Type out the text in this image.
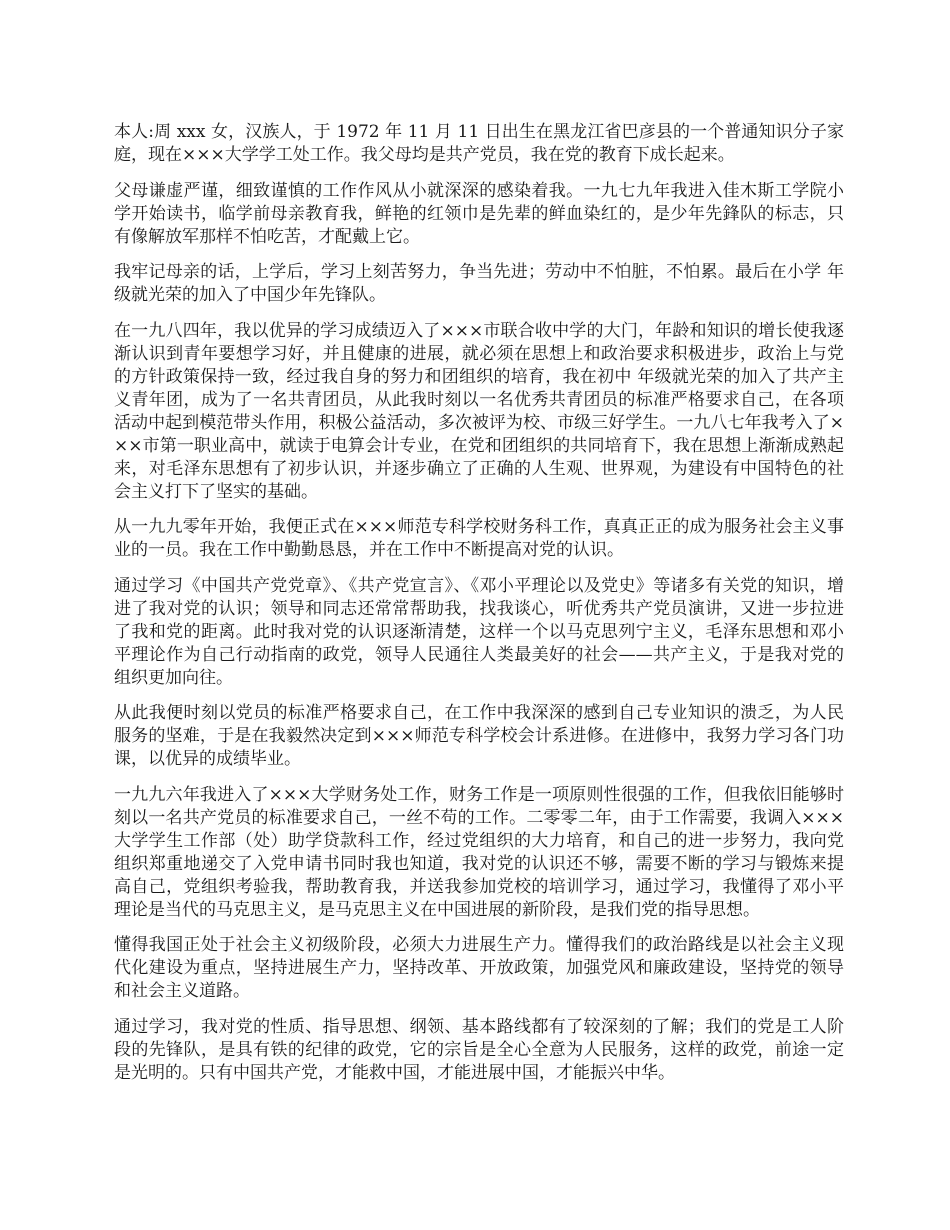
本人:周 xxx 女，汉族人，于 1972 年 11 月 11 日出生在黑龙江省巴彦县的一个普通知识分子家庭，现在×××大学学工处工作。我父母均是共产党员，我在党的教育下成长起来。

父母谦虚严谨，细致谨慎的工作作风从小就深深的感染着我。一九七九年我进入佳木斯工学院小学开始读书，临学前母亲教育我，鲜艳的红领巾是先辈的鲜血染红的，是少年先鋒队的标志，只有像解放军那样不怕吃苦，才配戴上它。

我牢记母亲的话，上学后，学习上刻苦努力，争当先进；劳动中不怕脏，不怕累。最后在小学 年级就光荣的加入了中国少年先锋队。

在一九八四年，我以优异的学习成绩迈入了×××市联合收中学的大门，年龄和知识的增长使我逐渐认识到青年要想学习好，并且健康的进展，就必须在思想上和政治要求积极进步，政治上与党的方针政策保持一致，经过我自身的努力和团组织的培育，我在初中 年级就光荣的加入了共产主义青年团，成为了一名共青团员，从此我时刻以一名优秀共青团员的标准严格要求自己，在各项活动中起到模范带头作用，积极公益活动，多次被评为校、市级三好学生。一九八七年我考入了×××市第一职业高中，就读于电算会计专业，在党和团组织的共同培育下，我在思想上渐渐成熟起来，对毛泽东思想有了初步认识，并逐步确立了正确的人生观、世界观，为建设有中国特色的社会主义打下了坚实的基础。

从一九九零年开始，我便正式在×××师范专科学校财务科工作，真真正正的成为服务社会主义事业的一员。我在工作中勤勤恳恳，并在工作中不断提高对党的认识。

通过学习《中国共产党党章》、《共产党宣言》、《邓小平理论以及党史》等诸多有关党的知识，增进了我对党的认识；领导和同志还常常帮助我，找我谈心，听优秀共产党员演讲，又进一步拉进了我和党的距离。此时我对党的认识逐渐清楚，这样一个以马克思列宁主义，毛泽东思想和邓小平理论作为自己行动指南的政党，领导人民通往人类最美好的社会——共产主义，于是我对党的组织更加向往。

从此我便时刻以党员的标准严格要求自己，在工作中我深深的感到自己专业知识的溃乏，为人民服务的坚难，于是在我毅然决定到×××师范专科学校会计系进修。在进修中，我努力学习各门功课，以优异的成绩毕业。

一九九六年我进入了×××大学财务处工作，财务工作是一项原则性很强的工作，但我依旧能够时刻以一名共产党员的标准要求自己，一丝不苟的工作。二零零二年，由于工作需要，我调入×××大学学生工作部（处）助学贷款科工作，经过党组织的大力培育，和自己的进一步努力，我向党组织郑重地递交了入党申请书同时我也知道，我对党的认识还不够，需要不断的学习与锻炼来提高自己，党组织考验我，帮助教育我，并送我参加党校的培训学习，通过学习，我懂得了邓小平理论是当代的马克思主义，是马克思主义在中国进展的新阶段，是我们党的指导思想。

懂得我国正处于社会主义初级阶段，必须大力进展生产力。懂得我们的政治路线是以社会主义现代化建设为重点，坚持进展生产力，坚持改革、开放政策，加强党风和廉政建设，坚持党的领导和社会主义道路。

通过学习，我对党的性质、指导思想、纲领、基本路线都有了较深刻的了解；我们的党是工人阶段的先锋队，是具有铁的纪律的政党，它的宗旨是全心全意为人民服务，这样的政党，前途一定是光明的。只有中国共产党，才能救中国，才能进展中国，才能振兴中华。
